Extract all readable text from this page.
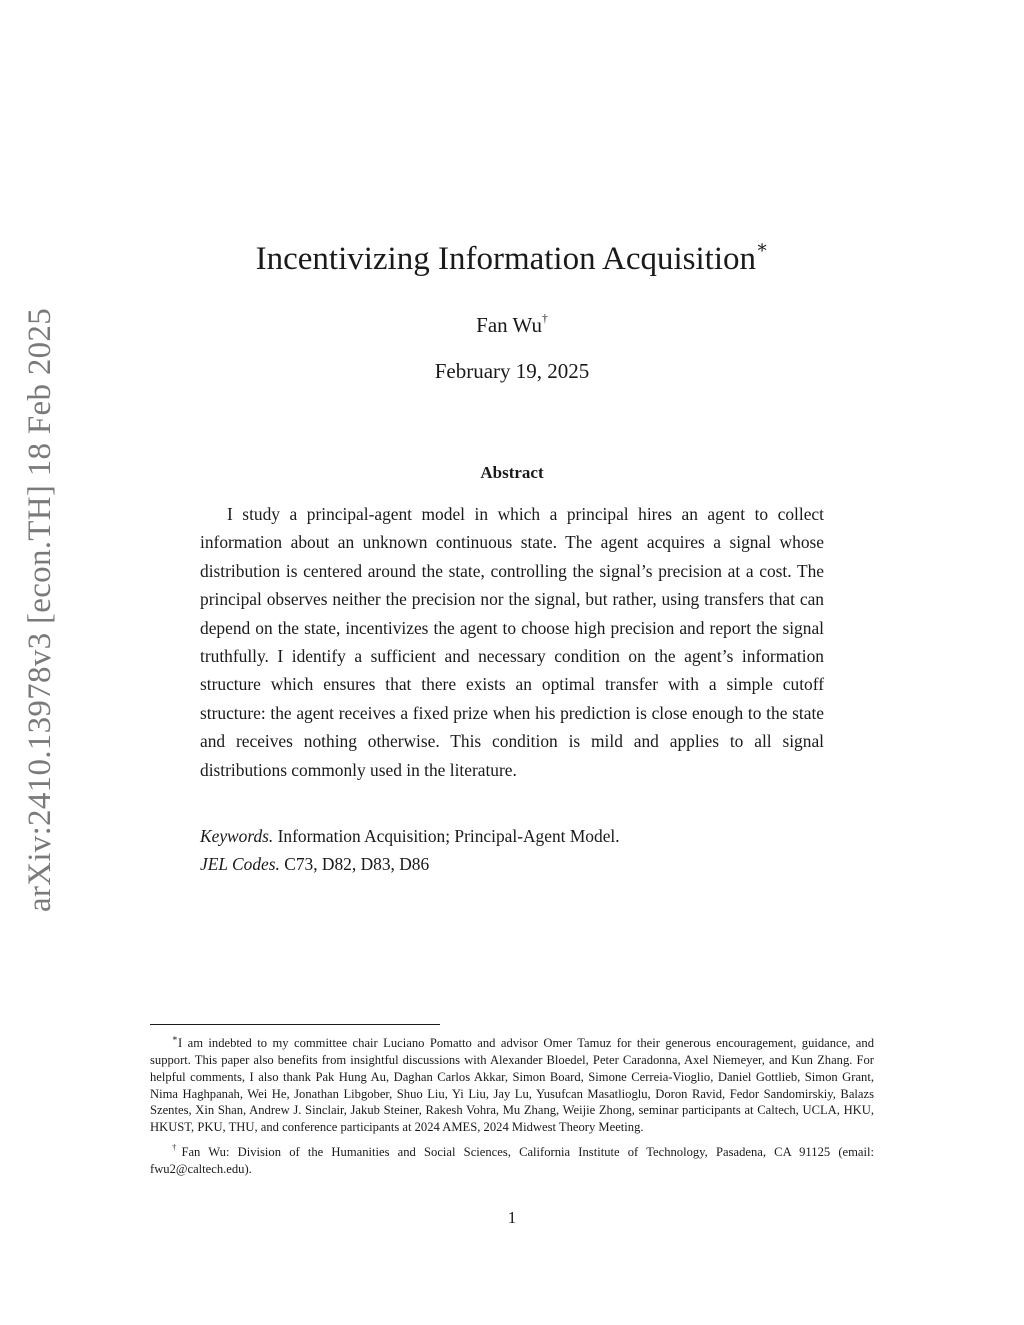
arXiv:2410.13978v3 [econ.TH] 18 Feb 2025
Incentivizing Information Acquisition∗
Fan Wu†
February 19, 2025
Abstract

I study a principal-agent model in which a principal hires an agent to collect information about an unknown continuous state. The agent acquires a signal whose distribution is centered around the state, controlling the signal’s precision at a cost. The principal observes neither the precision nor the signal, but rather, using transfers that can depend on the state, incentivizes the agent to choose high precision and report the signal truthfully. I identify a sufficient and necessary condition on the agent’s information structure which ensures that there exists an optimal transfer with a simple cutoff structure: the agent receives a fixed prize when his prediction is close enough to the state and receives nothing otherwise. This condition is mild and applies to all signal distributions commonly used in the literature.

Keywords. Information Acquisition; Principal-Agent Model.
JEL Codes. C73, D82, D83, D86

∗I am indebted to my committee chair Luciano Pomatto and advisor Omer Tamuz for their generous encouragement, guidance, and support. This paper also benefits from insightful discussions with Alexander Bloedel, Peter Caradonna, Axel Niemeyer, and Kun Zhang. For helpful comments, I also thank Pak Hung Au, Daghan Carlos Akkar, Simon Board, Simone Cerreia-Vioglio, Daniel Gottlieb, Simon Grant, Nima Haghpanah, Wei He, Jonathan Libgober, Shuo Liu, Yi Liu, Jay Lu, Yusufcan Masatlioglu, Doron Ravid, Fedor Sandomirskiy, Balazs Szentes, Xin Shan, Andrew J. Sinclair, Jakub Steiner, Rakesh Vohra, Mu Zhang, Weijie Zhong, seminar participants at Caltech, UCLA, HKU, HKUST, PKU, THU, and conference participants at 2024 AMES, 2024 Midwest Theory Meeting.

†Fan Wu: Division of the Humanities and Social Sciences, California Institute of Technology, Pasadena, CA 91125 (email: fwu2@caltech.edu).

1
